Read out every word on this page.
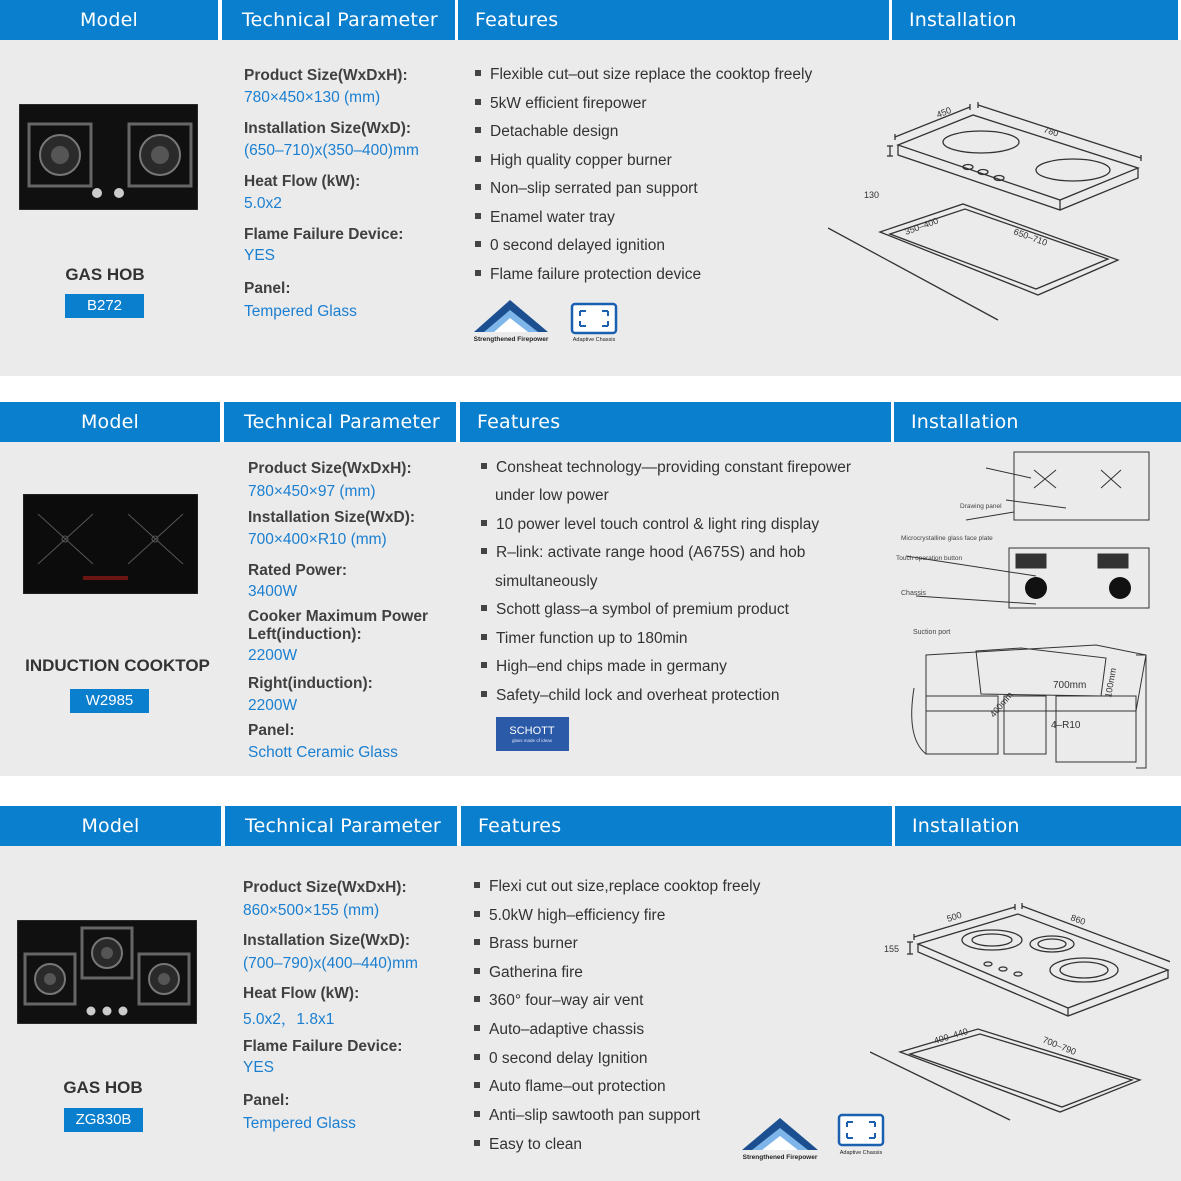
Model	Technical Parameter	Features	Installation
GAS HOB
B272
Product Size(WxDxH):
780×450×130 (mm)
Installation Size(WxD):
(650–710)x(350–400)mm
Heat Flow (kW):
5.0x2
Flame Failure Device:
YES
Panel:
Tempered Glass
Flexible cut–out size replace the cooktop freely
5kW efficient firepower
Detachable design
High quality copper burner
Non–slip serrated pan support
Enamel water tray
0 second delayed ignition
Flame failure protection device
Strengthened Firepower	Adaptive Chassis
450
780
130
350–400
650–710
Model	Technical Parameter	Features	Installation
INDUCTION COOKTOP
W2985
Product Size(WxDxH):
780×450×97 (mm)
Installation Size(WxD):
700×400×R10 (mm)
Rated Power:
3400W
Cooker Maximum Power
Left(induction):
2200W
Right(induction):
2200W
Panel:
Schott Ceramic Glass
Consheat technology—providing constant firepower
under low power
10 power level touch control & light ring display
R–link: activate range hood (A675S) and hob
simultaneously
Schott glass–a symbol of premium product
Timer function up to 180min
High–end chips made in germany
Safety–child lock and overheat protection
SCHOTT
glass made of ideas
Drawing panel
Microcrystalline glass face plate
Touch operation button
Chassis
Suction port
700mm
400mm
100mm
4–R10
Model	Technical Parameter	Features	Installation
GAS HOB
ZG830B
Product Size(WxDxH):
860×500×155 (mm)
Installation Size(WxD):
(700–790)x(400–440)mm
Heat Flow (kW):
5.0x2，1.8x1
Flame Failure Device:
YES
Panel:
Tempered Glass
Flexi cut out size,replace cooktop freely
5.0kW high–efficiency fire
Brass burner
Gatherina fire
360° four–way air vent
Auto–adaptive chassis
0 second delay Ignition
Auto flame–out protection
Anti–slip sawtooth pan support
Easy to clean
Strengthened Firepower
Adaptive Chassis
500	860
155
400–440	700–790
